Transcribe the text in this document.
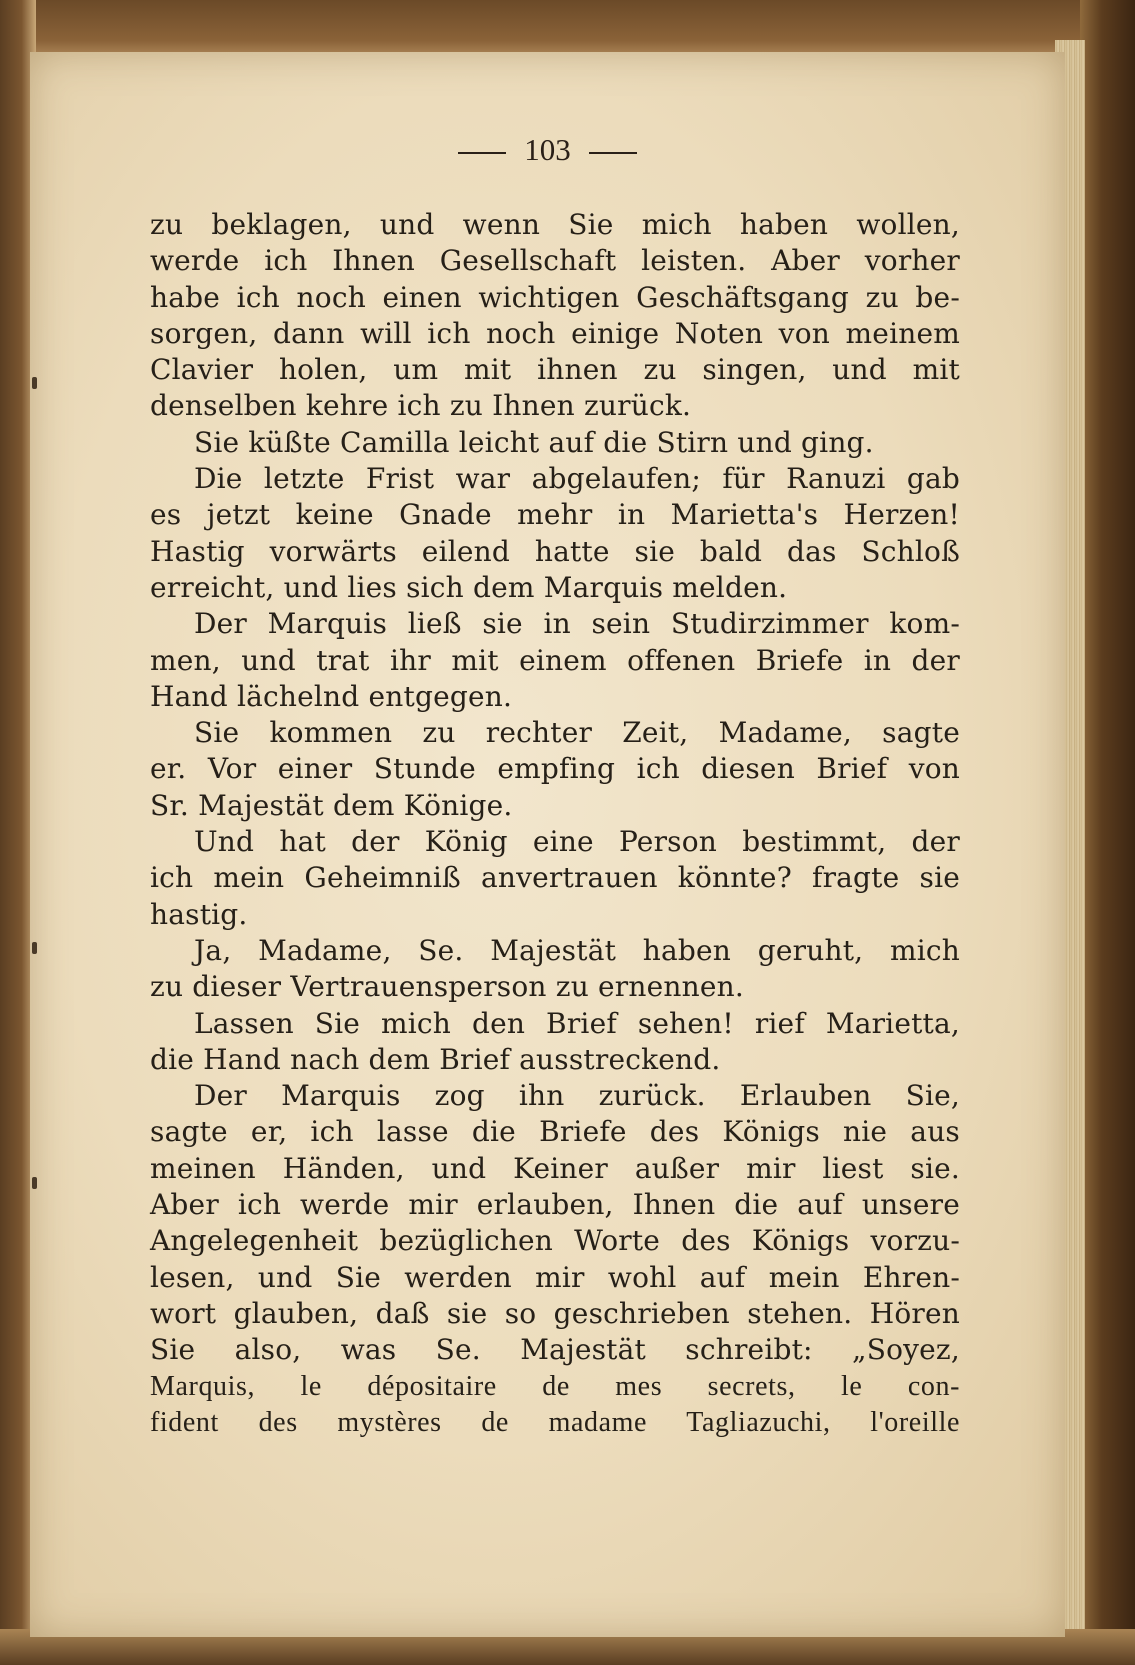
103
zu beklagen, und wenn Sie mich haben wollen,
werde ich Ihnen Gesellschaft leisten. Aber vorher
habe ich noch einen wichtigen Geschäftsgang zu be-
sorgen, dann will ich noch einige Noten von meinem
Clavier holen, um mit ihnen zu singen, und mit
denselben kehre ich zu Ihnen zurück.
Sie küßte Camilla leicht auf die Stirn und ging.
Die letzte Frist war abgelaufen; für Ranuzi gab
es jetzt keine Gnade mehr in Marietta's Herzen!
Hastig vorwärts eilend hatte sie bald das Schloß
erreicht, und lies sich dem Marquis melden.
Der Marquis ließ sie in sein Studirzimmer kom-
men, und trat ihr mit einem offenen Briefe in der
Hand lächelnd entgegen.
Sie kommen zu rechter Zeit, Madame, sagte
er. Vor einer Stunde empfing ich diesen Brief von
Sr. Majestät dem Könige.
Und hat der König eine Person bestimmt, der
ich mein Geheimniß anvertrauen könnte? fragte sie
hastig.
Ja, Madame, Se. Majestät haben geruht, mich
zu dieser Vertrauensperson zu ernennen.
Lassen Sie mich den Brief sehen! rief Marietta,
die Hand nach dem Brief ausstreckend.
Der Marquis zog ihn zurück. Erlauben Sie,
sagte er, ich lasse die Briefe des Königs nie aus
meinen Händen, und Keiner außer mir liest sie.
Aber ich werde mir erlauben, Ihnen die auf unsere
Angelegenheit bezüglichen Worte des Königs vorzu-
lesen, und Sie werden mir wohl auf mein Ehren-
wort glauben, daß sie so geschrieben stehen. Hören
Sie also, was Se. Majestät schreibt: „Soyez,
Marquis, le dépositaire de mes secrets, le con-
fident des mystères de madame Tagliazuchi, l'oreille
